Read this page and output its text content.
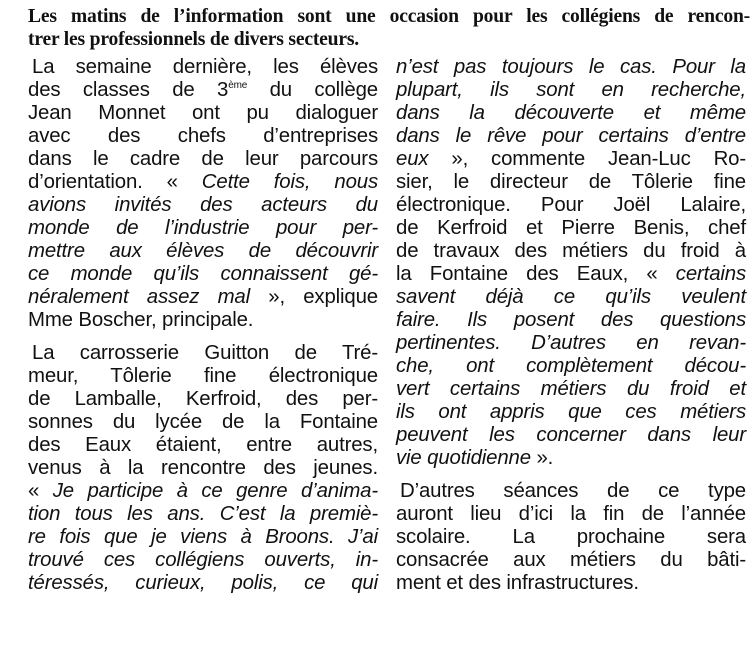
Les matins de l’information sont une occasion pour les collégiens de rencon-
trer les professionnels de divers secteurs.

La semaine dernière, les élèves
des classes de 3ème du collège
Jean Monnet ont pu dialoguer
avec des chefs d’entreprises
dans le cadre de leur parcours
d’orientation. « Cette fois, nous
avions invités des acteurs du
monde de l’industrie pour per-
mettre aux élèves de découvrir
ce monde qu’ils connaissent gé-
néralement assez mal », explique
Mme Boscher, principale.
La carrosserie Guitton de Tré-
meur, Tôlerie fine électronique
de Lamballe, Kerfroid, des per-
sonnes du lycée de la Fontaine
des Eaux étaient, entre autres,
venus à la rencontre des jeunes.
« Je participe à ce genre d’anima-
tion tous les ans. C’est la premiè-
re fois que je viens à Broons. J’ai
trouvé ces collégiens ouverts, in-
téressés, curieux, polis, ce qui
n’est pas toujours le cas. Pour la
plupart, ils sont en recherche,
dans la découverte et même
dans le rêve pour certains d’entre
eux », commente Jean-Luc Ro-
sier, le directeur de Tôlerie fine
électronique. Pour Joël Lalaire,
de Kerfroid et Pierre Benis, chef
de travaux des métiers du froid à
la Fontaine des Eaux, « certains
savent déjà ce qu’ils veulent
faire. Ils posent des questions
pertinentes. D’autres en revan-
che, ont complètement décou-
vert certains métiers du froid et
ils ont appris que ces métiers
peuvent les concerner dans leur
vie quotidienne ».
D’autres séances de ce type
auront lieu d’ici la fin de l’année
scolaire. La prochaine sera
consacrée aux métiers du bâti-
ment et des infrastructures.
